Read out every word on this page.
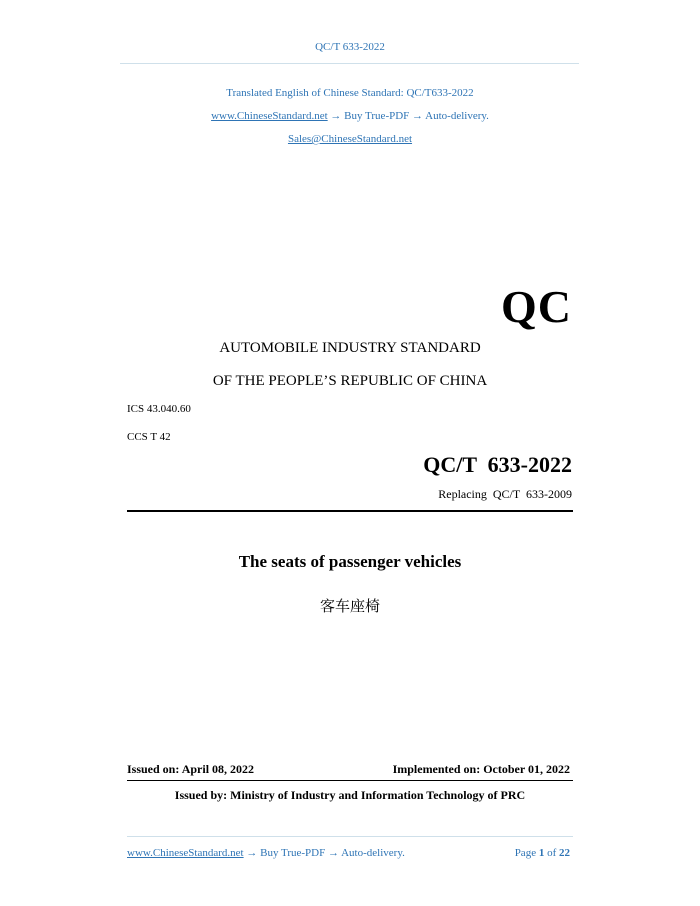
QC/T 633-2022
Translated English of Chinese Standard: QC/T633-2022
www.ChineseStandard.net → Buy True-PDF → Auto-delivery.
Sales@ChineseStandard.net
QC
AUTOMOBILE INDUSTRY STANDARD
OF THE PEOPLE’S REPUBLIC OF CHINA
ICS 43.040.60
CCS T 42
QC/T  633-2022
Replacing  QC/T  633-2009
The seats of passenger vehicles
客车座椅
Issued on: April 08, 2022	Implemented on: October 01, 2022
Issued by: Ministry of Industry and Information Technology of PRC
www.ChineseStandard.net → Buy True-PDF → Auto-delivery.	Page 1 of 22
